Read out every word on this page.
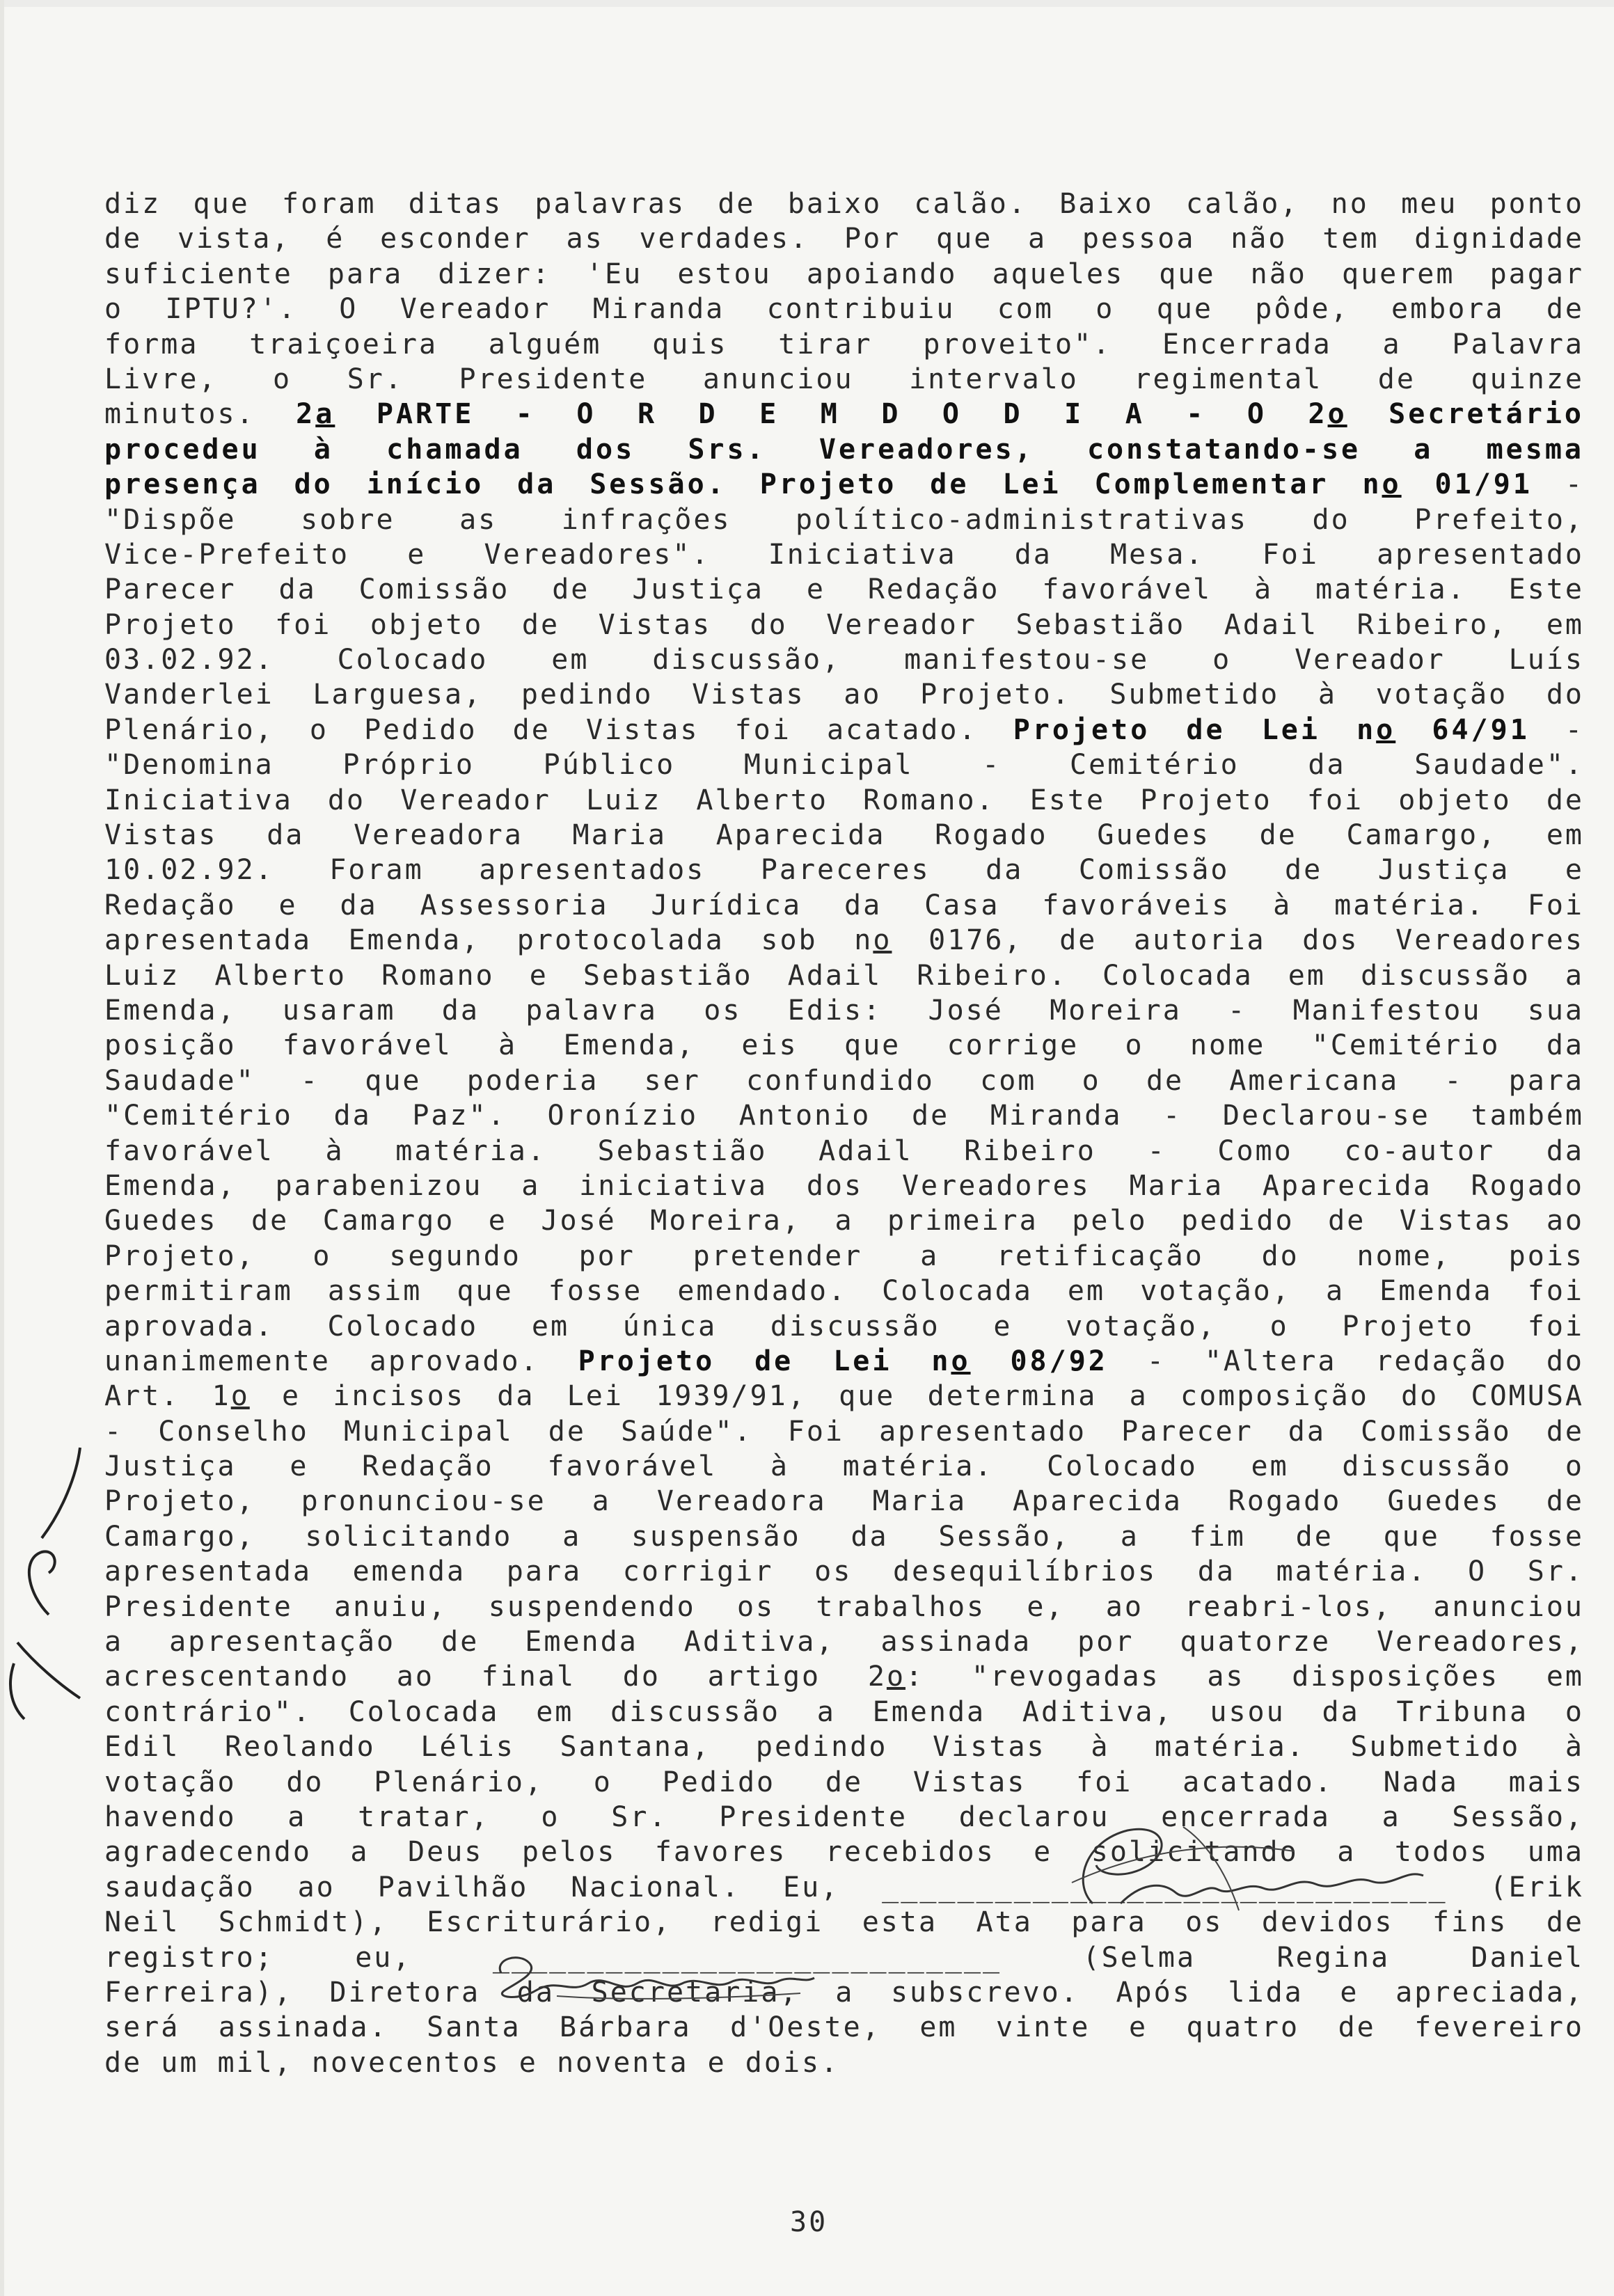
diz que foram ditas palavras de baixo calão. Baixo calão, no meu ponto
de vista, é esconder as verdades. Por que a pessoa não tem dignidade
suficiente para dizer: 'Eu estou apoiando aqueles que não querem pagar
o IPTU?'. O Vereador Miranda contribuiu com o que pôde, embora de
forma traiçoeira alguém quis tirar proveito". Encerrada a Palavra
Livre, o Sr. Presidente anunciou intervalo regimental de quinze
minutos. 2a PARTE - O R D E M D O D I A - O 2o Secretário
procedeu à chamada dos Srs. Vereadores, constatando-se a mesma
presença do início da Sessão. Projeto de Lei Complementar no 01/91 -
"Dispõe sobre as infrações político-administrativas do Prefeito,
Vice-Prefeito e Vereadores". Iniciativa da Mesa. Foi apresentado
Parecer da Comissão de Justiça e Redação favorável à matéria. Este
Projeto foi objeto de Vistas do Vereador Sebastião Adail Ribeiro, em
03.02.92. Colocado em discussão, manifestou-se o Vereador Luís
Vanderlei Larguesa, pedindo Vistas ao Projeto. Submetido à votação do
Plenário, o Pedido de Vistas foi acatado. Projeto de Lei no 64/91 -
"Denomina Próprio Público Municipal - Cemitério da Saudade".
Iniciativa do Vereador Luiz Alberto Romano. Este Projeto foi objeto de
Vistas da Vereadora Maria Aparecida Rogado Guedes de Camargo, em
10.02.92. Foram apresentados Pareceres da Comissão de Justiça e
Redação e da Assessoria Jurídica da Casa favoráveis à matéria. Foi
apresentada Emenda, protocolada sob no 0176, de autoria dos Vereadores
Luiz Alberto Romano e Sebastião Adail Ribeiro. Colocada em discussão a
Emenda, usaram da palavra os Edis: José Moreira - Manifestou sua
posição favorável à Emenda, eis que corrige o nome "Cemitério da
Saudade" - que poderia ser confundido com o de Americana - para
"Cemitério da Paz". Oronízio Antonio de Miranda - Declarou-se também
favorável à matéria. Sebastião Adail Ribeiro - Como co-autor da
Emenda, parabenizou a iniciativa dos Vereadores Maria Aparecida Rogado
Guedes de Camargo e José Moreira, a primeira pelo pedido de Vistas ao
Projeto, o segundo por pretender a retificação do nome, pois
permitiram assim que fosse emendado. Colocada em votação, a Emenda foi
aprovada. Colocado em única discussão e votação, o Projeto foi
unanimemente aprovado. Projeto de Lei no 08/92 - "Altera redação do
Art. 1o e incisos da Lei 1939/91, que determina a composição do COMUSA
- Conselho Municipal de Saúde". Foi apresentado Parecer da Comissão de
Justiça e Redação favorável à matéria. Colocado em discussão o
Projeto, pronunciou-se a Vereadora Maria Aparecida Rogado Guedes de
Camargo, solicitando a suspensão da Sessão, a fim de que fosse
apresentada emenda para corrigir os desequilíbrios da matéria. O Sr.
Presidente anuiu, suspendendo os trabalhos e, ao reabri-los, anunciou
a apresentação de Emenda Aditiva, assinada por quatorze Vereadores,
acrescentando ao final do artigo 2o: "revogadas as disposições em
contrário". Colocada em discussão a Emenda Aditiva, usou da Tribuna o
Edil Reolando Lélis Santana, pedindo Vistas à matéria. Submetido à
votação do Plenário, o Pedido de Vistas foi acatado. Nada mais
havendo a tratar, o Sr. Presidente declarou encerrada a Sessão,
agradecendo a Deus pelos favores recebidos e solicitando a todos uma
saudação ao Pavilhão Nacional. Eu, ______________________________ (Erik
Neil Schmidt), Escriturário, redigi esta Ata para os devidos fins de
registro; eu, ___________________________ (Selma Regina Daniel
Ferreira), Diretora da Secretaria, a subscrevo. Após lida e apreciada,
será assinada. Santa Bárbara d'Oeste, em vinte e quatro de fevereiro
de um mil, novecentos e noventa e dois.
30
